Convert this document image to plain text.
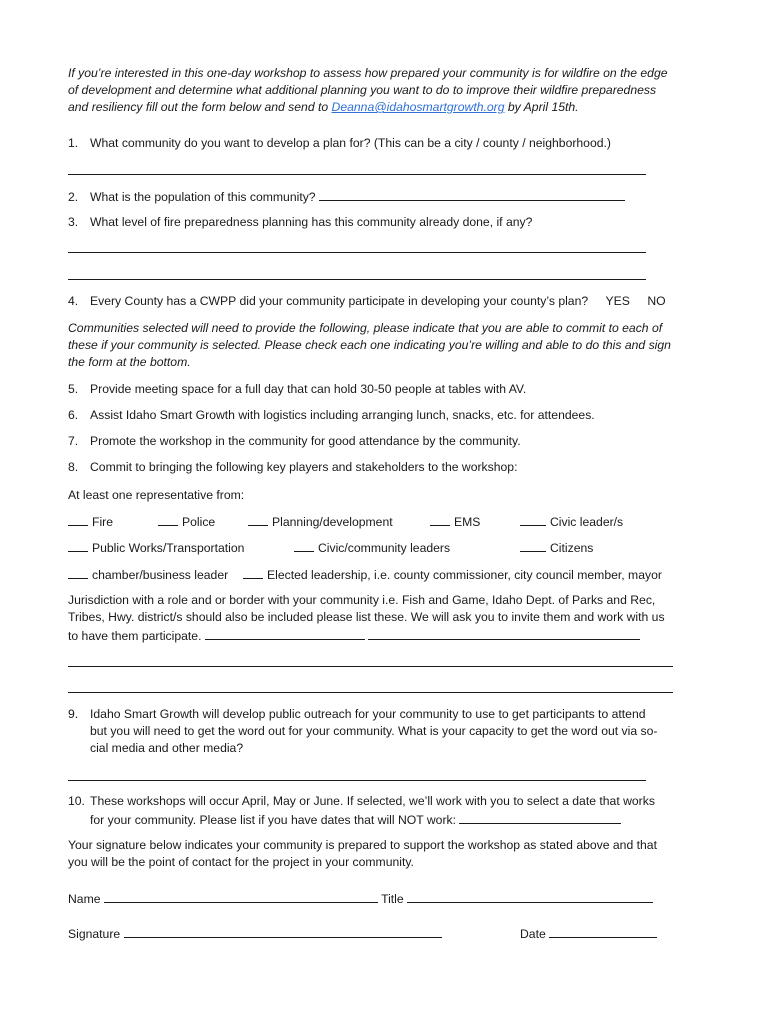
If you’re interested in this one-day workshop to assess how prepared your community is for wildfire on the edge
of development and determine what additional planning you want to do to improve their wildfire preparedness
and resiliency fill out the form below and send to Deanna@idahosmartgrowth.org by April 15th.
1. What community do you want to develop a plan for? (This can be a city / county / neighborhood.)
2. What is the population of this community?
3. What level of fire preparedness planning has this community already done, if any?
4. Every County has a CWPP did your community participate in developing your county’s plan? YES NO
Communities selected will need to provide the following, please indicate that you are able to commit to each of
these if your community is selected. Please check each one indicating you’re willing and able to do this and sign
the form at the bottom.
5. Provide meeting space for a full day that can hold 30-50 people at tables with AV.
6. Assist Idaho Smart Growth with logistics including arranging lunch, snacks, etc. for attendees.
7. Promote the workshop in the community for good attendance by the community.
8. Commit to bringing the following key players and stakeholders to the workshop:
At least one representative from:
Fire	Police	Planning/development	EMS	Civic leader/s
Public Works/Transportation	Civic/community leaders	Citizens
chamber/business leader	Elected leadership, i.e. county commissioner, city council member, mayor
Jurisdiction with a role and or border with your community i.e. Fish and Game, Idaho Dept. of Parks and Rec,
Tribes, Hwy. district/s should also be included please list these. We will ask you to invite them and work with us
to have them participate.
9. Idaho Smart Growth will develop public outreach for your community to use to get participants to attend
but you will need to get the word out for your community. What is your capacity to get the word out via so-
cial media and other media?
10. These workshops will occur April, May or June. If selected, we’ll work with you to select a date that works
for your community. Please list if you have dates that will NOT work:
Your signature below indicates your community is prepared to support the workshop as stated above and that
you will be the point of contact for the project in your community.
Name	Title
Signature	Date
